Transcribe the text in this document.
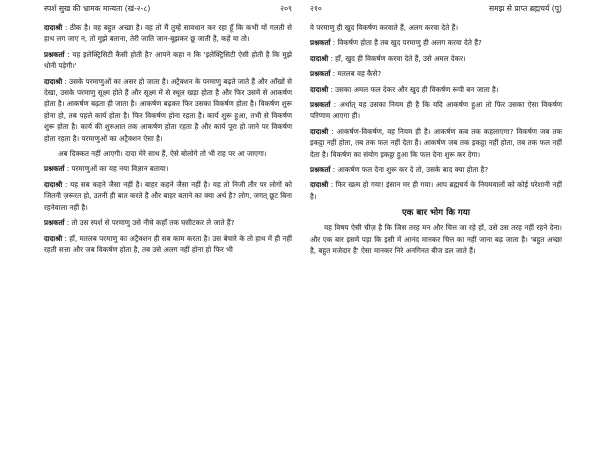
स्पर्श सुख की भ्रामक मान्यता (खं-२-८)	२०९

दादाश्री : ठीक है। वह बहुत अच्छा है। वह तो मैं तुम्हें सावधान कर रहा हूँ कि कभी यों गलती से हाथ लग जाए न, तो मुझे बताना, तेरी जाति जान-बूझकर छू जाती है, कहें या तो।

प्रश्नकर्ता : यह इलेक्ट्रिसिटी कैसी होती है? आपने कहा न कि 'इलेक्ट्रिसिटी ऐसी होती है कि मुझे धोनी पड़ेगी।'

दादाश्री : उसके परमाणुओं का असर हो जाता है। अट्रैक्शन के परमाणु बढ़ते जाते हैं और आँखों से देखा, उसके परमाणु सूक्ष्म होते हैं और सूक्ष्म में से स्थूल खड़ा होता है और फिर उसमें से आकर्षण होता है। आकर्षण बढ़ता ही जाता है। आकर्षण बढ़कर फिर उसका विकर्षण होता है। विकर्षण शुरू होना हो, तब पहले कार्य होता है। फिर विकर्षण होना रहता है। कार्य शुरू हुआ, तभी से विकर्षण शुरू होता है। कार्य की शुरुआत तक आकर्षण होता रहता है और कार्य पूरा हो जाने पर विकर्षण होता रहता है। परमाणुओं का अट्रैक्शन ऐसा है।

अब दिक्कत नहीं आएगी। दादा मेरे साथ हैं, ऐसे बोलोगे तो भी राह पर आ जाएगा।

प्रश्नकर्ता : परमाणुओं का यह नया विज्ञान बताया।

दादाश्री : यह सब कहने जैसा नहीं है। बाहर कहने जैसा नहीं है। यह तो निजी तौर पर लोगों को जितनी ज़रूरत हो, उतनी ही बात करते हैं और बाहर बताने का क्या अर्थ है? लोग, जगत् छूट बिना रहनेवाला नहीं है।

प्रश्नकर्ता : तो उस स्पर्श से परमाणु उसे नीचे कहाँ तक घसीटकर ले जाते हैं?

दादाश्री : हाँ, मतलब परमाणु का अट्रैक्शन ही सब काम करता है। उस बेचारे के तो हाथ में ही नहीं रहती सत्ता और जब विकर्षण होता है, तब उसे अलग नहीं होना हो फिर भी

२१०	समझ से प्राप्त ब्रह्मचर्य (पू)

वे परमाणु ही खुद विकर्षण करवाते हैं, अलग करवा देते हैं।

प्रश्नकर्ता : विकर्षण होता है तब खुद परमाणु ही अलग करवा देते हैं?

दादाश्री : हाँ, खुद ही विकर्षण करवा देते हैं, उसे अमल देकर।

प्रश्नकर्ता : मतलब वह कैसे?

दादाश्री : उसका अमल फल देकर और खुद ही विकर्षण रूपी बन जाता है।

प्रश्नकर्ता : अर्थात् यह उसका नियम ही है कि यदि आकर्षण हुआ तो फिर उसका ऐसा विकर्षण परिणाम आएगा ही।

दादाश्री : आकर्षण-विकर्षण, वह नियम ही है। आकर्षण कब तक कहलाएगा? विकर्षण जब तक इकट्ठा नहीं होता, तब तक फल नहीं देता है। आकर्षण जब तक इकट्ठा नहीं होता, तब तक फल नहीं देता है। विकर्षण का संयोग इकट्ठा हुआ कि फल देना शुरू कर देगा।

प्रश्नकर्ता : आकर्षण फल देना शुरू कर दे तो, उसके बाद क्या होता है?

दादाश्री : फिर खत्म हो गया! इंसान मर ही गया। आप ब्रह्मचर्य के नियमवालों को कोई परेशानी नहीं है।

एक बार भोग कि गया

यह विषय ऐसी चीज़ है कि जिस तरह मन और चित्त जा रहे हों, उसे उस तरह नहीं रहने देना। और एक बार इसमें पड़ा कि इसी में आनंद मानकर चित्त का नहीं जाना बढ़ जाता है। 'बहुत अच्छा है, बहुत मजेदार है' ऐसा मानकर निरे अनगिनत बीज डल जाते हैं।
